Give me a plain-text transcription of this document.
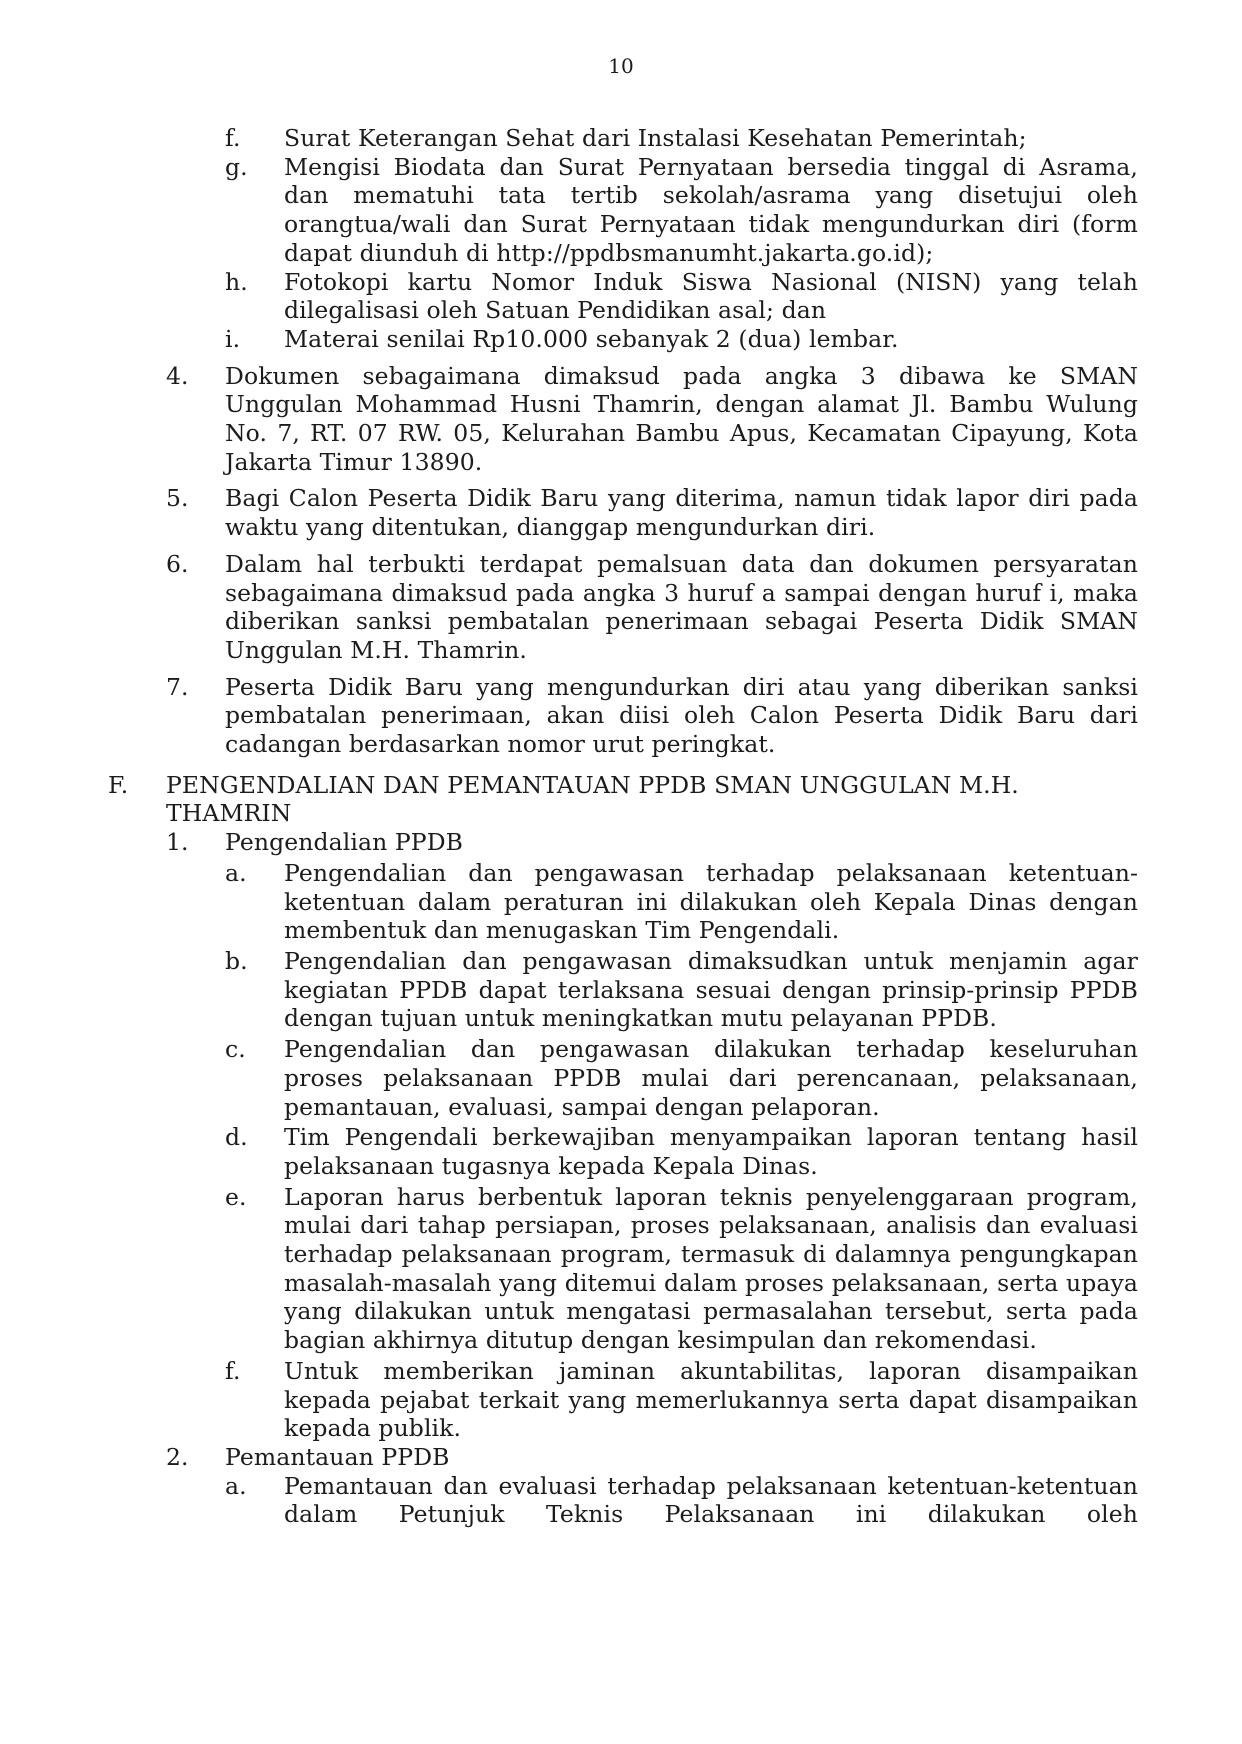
10
f. Surat Keterangan Sehat dari Instalasi Kesehatan Pemerintah;
g. Mengisi Biodata dan Surat Pernyataan bersedia tinggal di Asrama, dan mematuhi tata tertib sekolah/asrama yang disetujui oleh orangtua/wali dan Surat Pernyataan tidak mengundurkan diri (form dapat diunduh di http://ppdbsmanumht.jakarta.go.id);
h. Fotokopi kartu Nomor Induk Siswa Nasional (NISN) yang telah dilegalisasi oleh Satuan Pendidikan asal; dan
i. Materai senilai Rp10.000 sebanyak 2 (dua) lembar.
4. Dokumen sebagaimana dimaksud pada angka 3 dibawa ke SMAN Unggulan Mohammad Husni Thamrin, dengan alamat Jl. Bambu Wulung No. 7, RT. 07 RW. 05, Kelurahan Bambu Apus, Kecamatan Cipayung, Kota Jakarta Timur 13890.
5. Bagi Calon Peserta Didik Baru yang diterima, namun tidak lapor diri pada waktu yang ditentukan, dianggap mengundurkan diri.
6. Dalam hal terbukti terdapat pemalsuan data dan dokumen persyaratan sebagaimana dimaksud pada angka 3 huruf a sampai dengan huruf i, maka diberikan sanksi pembatalan penerimaan sebagai Peserta Didik SMAN Unggulan M.H. Thamrin.
7. Peserta Didik Baru yang mengundurkan diri atau yang diberikan sanksi pembatalan penerimaan, akan diisi oleh Calon Peserta Didik Baru dari cadangan berdasarkan nomor urut peringkat.
F. PENGENDALIAN DAN PEMANTAUAN PPDB SMAN UNGGULAN M.H. THAMRIN
1. Pengendalian PPDB
a. Pengendalian dan pengawasan terhadap pelaksanaan ketentuan-ketentuan dalam peraturan ini dilakukan oleh Kepala Dinas dengan membentuk dan menugaskan Tim Pengendali.
b. Pengendalian dan pengawasan dimaksudkan untuk menjamin agar kegiatan PPDB dapat terlaksana sesuai dengan prinsip-prinsip PPDB dengan tujuan untuk meningkatkan mutu pelayanan PPDB.
c. Pengendalian dan pengawasan dilakukan terhadap keseluruhan proses pelaksanaan PPDB mulai dari perencanaan, pelaksanaan, pemantauan, evaluasi, sampai dengan pelaporan.
d. Tim Pengendali berkewajiban menyampaikan laporan tentang hasil pelaksanaan tugasnya kepada Kepala Dinas.
e. Laporan harus berbentuk laporan teknis penyelenggaraan program, mulai dari tahap persiapan, proses pelaksanaan, analisis dan evaluasi terhadap pelaksanaan program, termasuk di dalamnya pengungkapan masalah-masalah yang ditemui dalam proses pelaksanaan, serta upaya yang dilakukan untuk mengatasi permasalahan tersebut, serta pada bagian akhirnya ditutup dengan kesimpulan dan rekomendasi.
f. Untuk memberikan jaminan akuntabilitas, laporan disampaikan kepada pejabat terkait yang memerlukannya serta dapat disampaikan kepada publik.
2. Pemantauan PPDB
a. Pemantauan dan evaluasi terhadap pelaksanaan ketentuan-ketentuan dalam Petunjuk Teknis Pelaksanaan ini dilakukan oleh
